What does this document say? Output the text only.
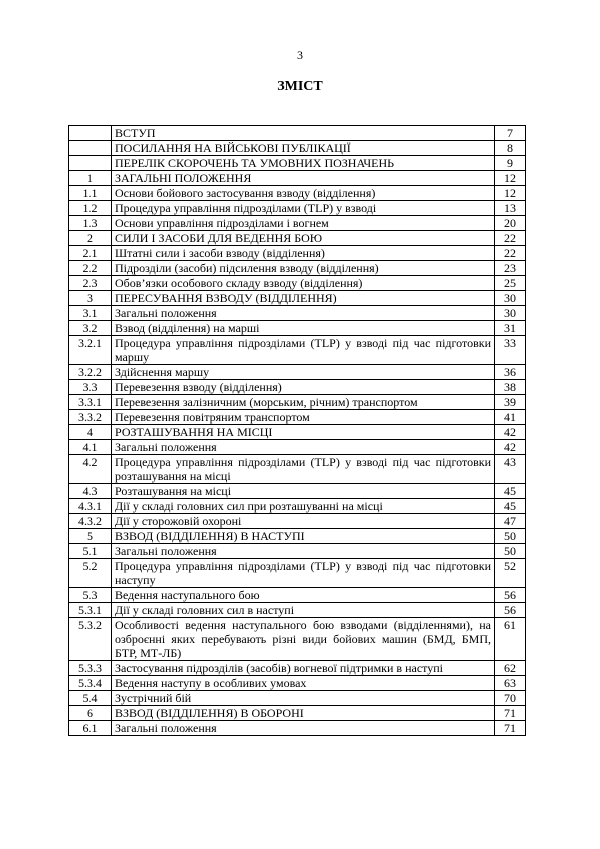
3
ЗМІСТ
	ВСТУП	7
	ПОСИЛАННЯ НА ВІЙСЬКОВІ ПУБЛІКАЦІЇ	8
	ПЕРЕЛІК СКОРОЧЕНЬ ТА УМОВНИХ ПОЗНАЧЕНЬ	9
1	ЗАГАЛЬНІ ПОЛОЖЕННЯ	12
1.1	Основи бойового застосування взводу (відділення)	12
1.2	Процедура управління підрозділами (TLP) у взводі	13
1.3	Основи управління підрозділами і вогнем	20
2	СИЛИ І ЗАСОБИ ДЛЯ ВЕДЕННЯ БОЮ	22
2.1	Штатні сили і засоби взводу (відділення)	22
2.2	Підрозділи (засоби) підсилення взводу (відділення)	23
2.3	Обов’язки особового складу взводу (відділення)	25
3	ПЕРЕСУВАННЯ ВЗВОДУ (ВІДДІЛЕННЯ)	30
3.1	Загальні положення	30
3.2	Взвод (відділення) на марші	31
3.2.1	Процедура управління підрозділами (TLP) у взводі під час підготовки маршу	33
3.2.2	Здійснення маршу	36
3.3	Перевезення взводу (відділення)	38
3.3.1	Перевезення залізничним (морським, річним) транспортом	39
3.3.2	Перевезення повітряним транспортом	41
4	РОЗТАШУВАННЯ НА МІСЦІ	42
4.1	Загальні положення	42
4.2	Процедура управління підрозділами (TLP) у взводі під час підготовки розташування на місці	43
4.3	Розташування на місці	45
4.3.1	Дії у складі головних сил при розташуванні на місці	45
4.3.2	Дії у сторожовій охороні	47
5	ВЗВОД (ВІДДІЛЕННЯ) В НАСТУПІ	50
5.1	Загальні положення	50
5.2	Процедура управління підрозділами (TLP) у взводі під час підготовки наступу	52
5.3	Ведення наступального бою	56
5.3.1	Дії у складі головних сил в наступі	56
5.3.2	Особливості ведення наступального бою взводами (відділеннями), на озброєнні яких перебувають різні види бойових машин (БМД, БМП, БТР, МТ-ЛБ)	61
5.3.3	Застосування підрозділів (засобів) вогневої підтримки в наступі	62
5.3.4	Ведення наступу в особливих умовах	63
5.4	Зустрічний бій	70
6	ВЗВОД (ВІДДІЛЕННЯ) В ОБОРОНІ	71
6.1	Загальні положення	71
